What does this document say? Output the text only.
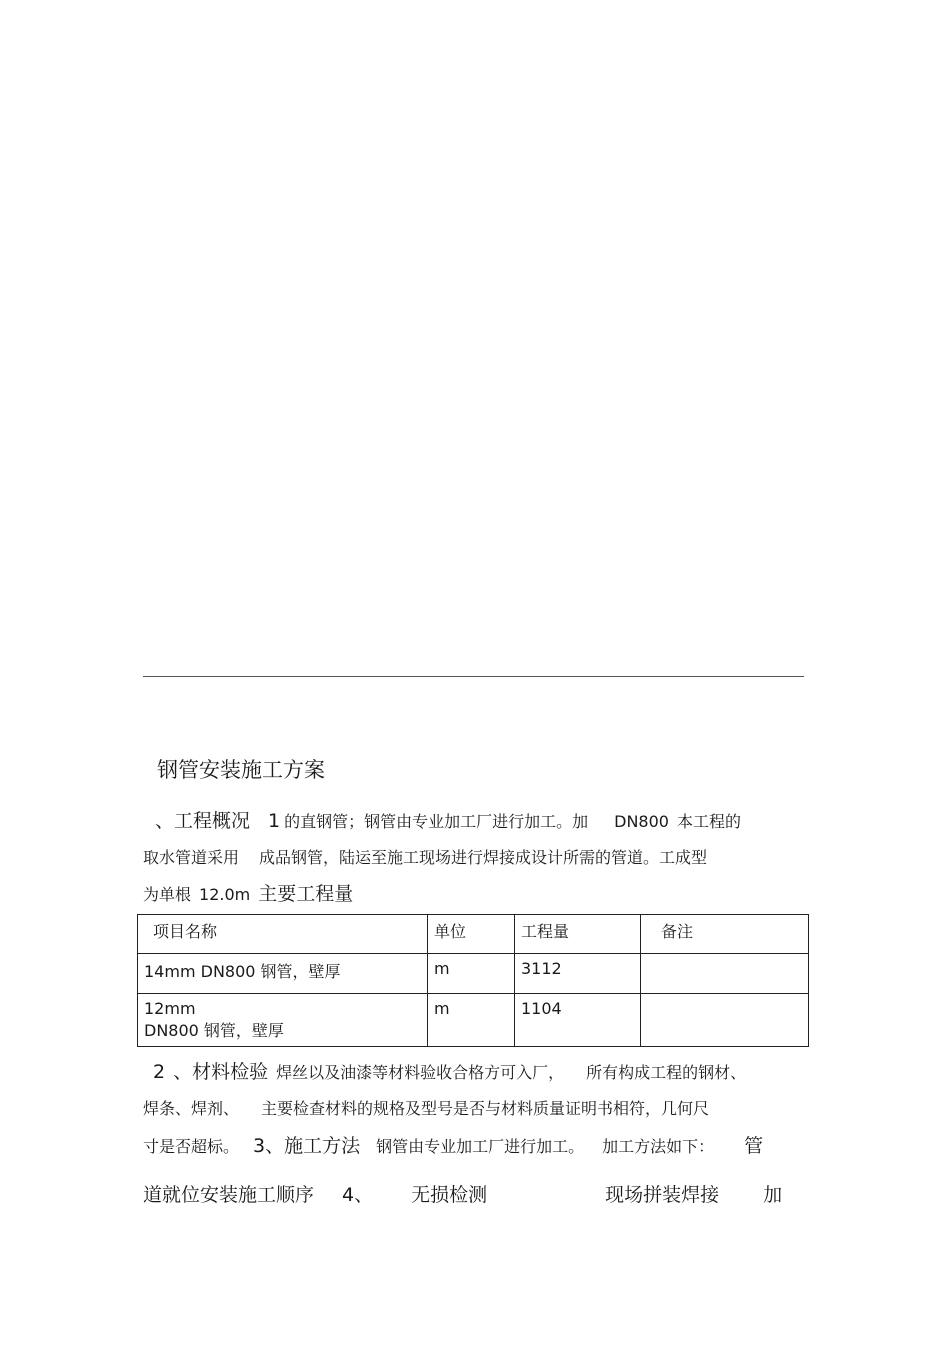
钢管安装施工方案
、工程概况 1 的直钢管；钢管由专业加工厂进行加工。加 DN800 本工程的
取水管道采用 成品钢管，陆运至施工现场进行焊接成设计所需的管道。工成型
为单根 12.0m 主要工程量
项目名称	单位	工程量	备注

14mm DN800 钢管，壁厚	m	3112	

12mm
DN800 钢管，壁厚	m	1104	
2 、材料检验 焊丝以及油漆等材料验收合格方可入厂， 所有构成工程的钢材、
焊条、焊剂、 主要检查材料的规格及型号是否与材料质量证明书相符，几何尺
寸是否超标。 3、施工方法 钢管由专业加工厂进行加工。 加工方法如下： 管
道就位安装施工顺序 4、 无损检测	现场拼装焊接 加
